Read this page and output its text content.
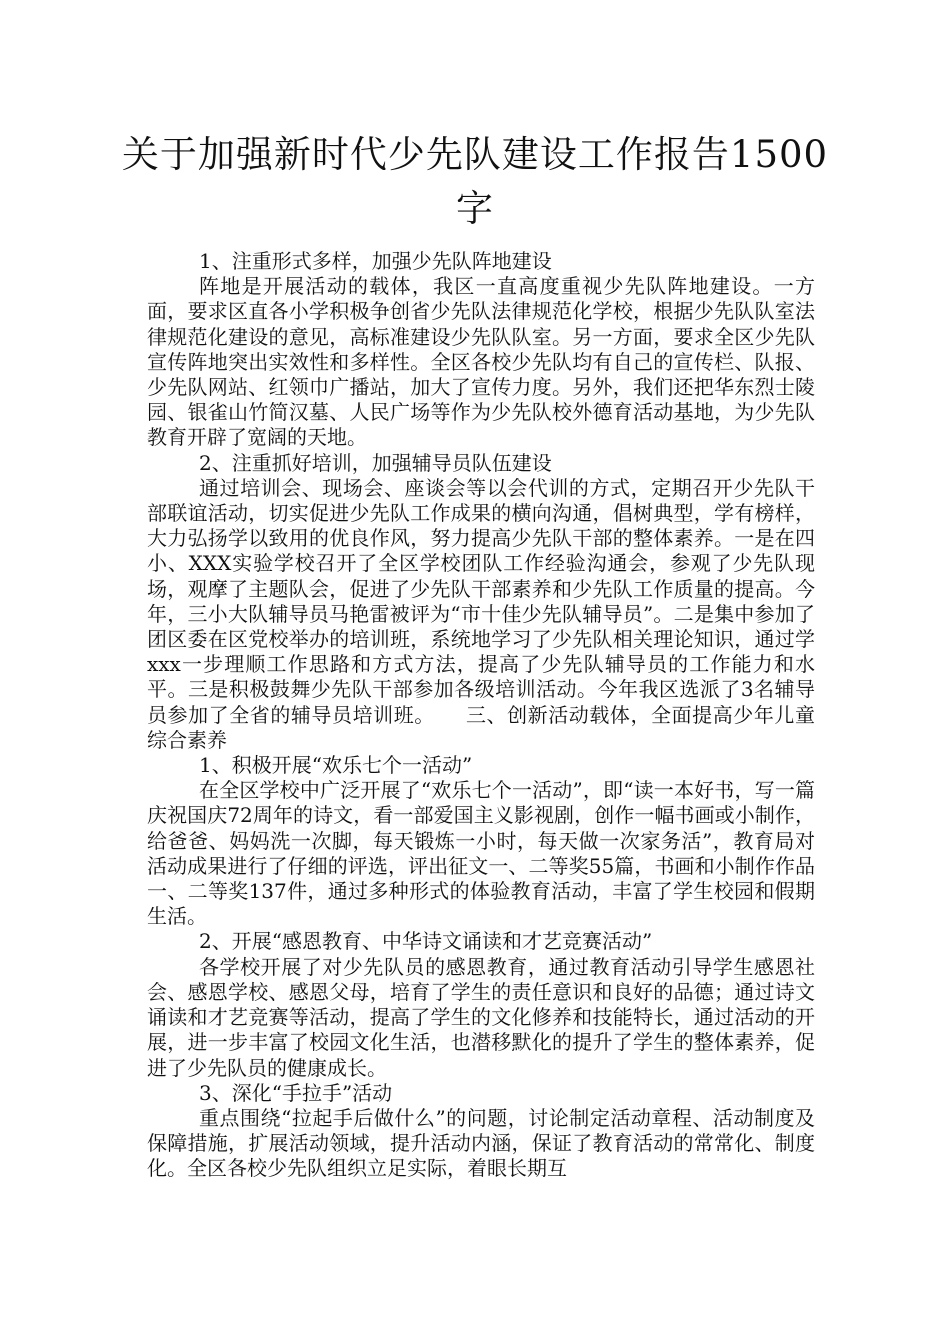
关于加强新时代少先队建设工作报告1500字

1、注重形式多样，加强少先队阵地建设

阵地是开展活动的载体，我区一直高度重视少先队阵地建设。一方面，要求区直各小学积极争创省少先队法律规范化学校，根据少先队队室法律规范化建设的意见，高标准建设少先队队室。另一方面，要求全区少先队宣传阵地突出实效性和多样性。全区各校少先队均有自己的宣传栏、队报、少先队网站、红领巾广播站，加大了宣传力度。另外，我们还把华东烈士陵园、银雀山竹简汉墓、人民广场等作为少先队校外德育活动基地，为少先队教育开辟了宽阔的天地。

2、注重抓好培训，加强辅导员队伍建设

通过培训会、现场会、座谈会等以会代训的方式，定期召开少先队干部联谊活动，切实促进少先队工作成果的横向沟通，倡树典型，学有榜样，大力弘扬学以致用的优良作风，努力提高少先队干部的整体素养。一是在四小、XXX实验学校召开了全区学校团队工作经验沟通会，参观了少先队现场，观摩了主题队会，促进了少先队干部素养和少先队工作质量的提高。今年，三小大队辅导员马艳雷被评为“市十佳少先队辅导员”。二是集中参加了团区委在区党校举办的培训班，系统地学习了少先队相关理论知识，通过学xxx一步理顺工作思路和方式方法，提高了少先队辅导员的工作能力和水平。三是积极鼓舞少先队干部参加各级培训活动。今年我区选派了3名辅导员参加了全省的辅导员培训班。　　三、创新活动载体，全面提高少年儿童综合素养

1、积极开展“欢乐七个一活动”

在全区学校中广泛开展了“欢乐七个一活动”，即“读一本好书，写一篇庆祝国庆72周年的诗文，看一部爱国主义影视剧，创作一幅书画或小制作，给爸爸、妈妈洗一次脚，每天锻炼一小时，每天做一次家务活”，教育局对活动成果进行了仔细的评选，评出征文一、二等奖55篇，书画和小制作作品一、二等奖137件，通过多种形式的体验教育活动，丰富了学生校园和假期生活。

2、开展“感恩教育、中华诗文诵读和才艺竞赛活动”

各学校开展了对少先队员的感恩教育，通过教育活动引导学生感恩社会、感恩学校、感恩父母，培育了学生的责任意识和良好的品德；通过诗文诵读和才艺竞赛等活动，提高了学生的文化修养和技能特长，通过活动的开展，进一步丰富了校园文化生活，也潜移默化的提升了学生的整体素养，促进了少先队员的健康成长。

3、深化“手拉手”活动

重点围绕“拉起手后做什么”的问题，讨论制定活动章程、活动制度及保障措施，扩展活动领域，提升活动内涵，保证了教育活动的常常化、制度化。全区各校少先队组织立足实际，着眼长期互
